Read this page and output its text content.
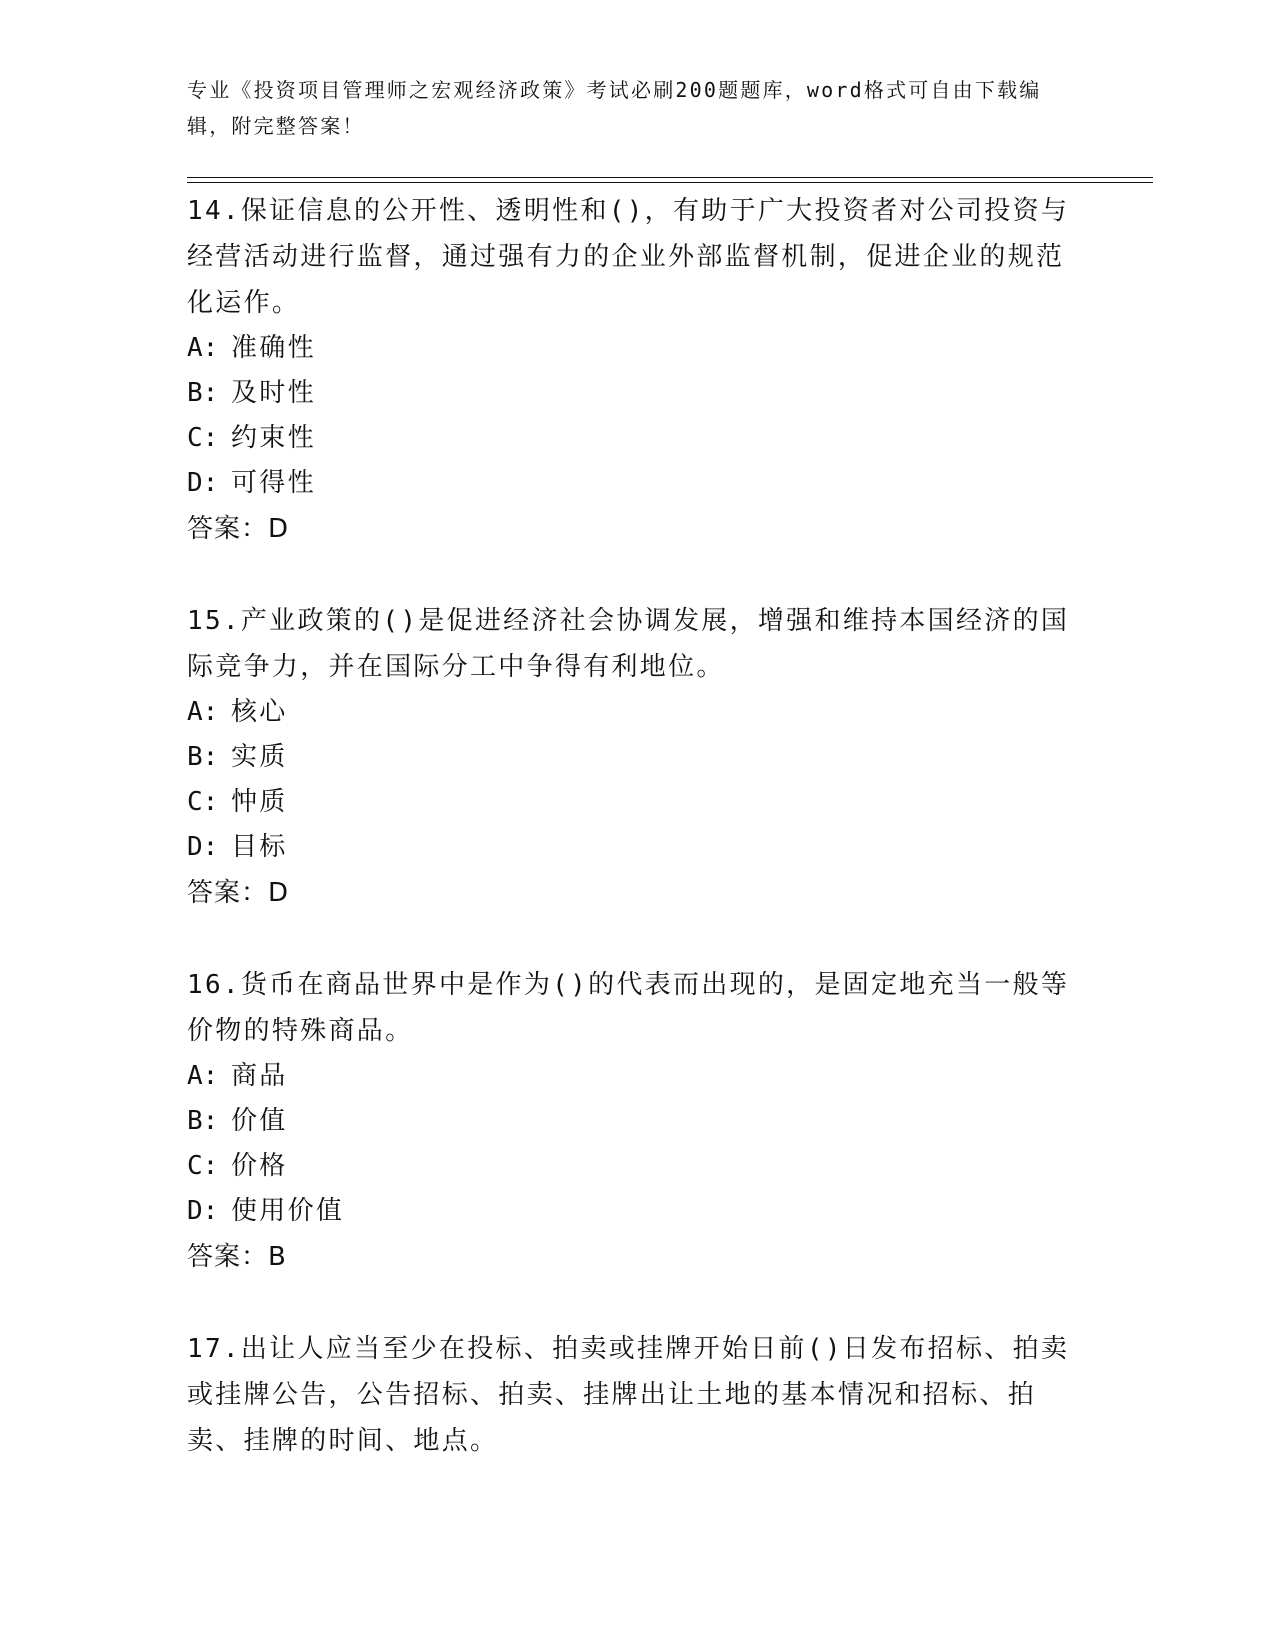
专业《投资项目管理师之宏观经济政策》考试必刷200题题库，word格式可自由下载编辑，附完整答案！
14.保证信息的公开性、透明性和()，有助于广大投资者对公司投资与经营活动进行监督，通过强有力的企业外部监督机制，促进企业的规范化运作。
A: 准确性
B: 及时性
C: 约束性
D: 可得性
答案：D
15.产业政策的()是促进经济社会协调发展，增强和维持本国经济的国际竞争力，并在国际分工中争得有利地位。
A: 核心
B: 实质
C: 忡质
D: 目标
答案：D
16.货币在商品世界中是作为()的代表而出现的，是固定地充当一般等价物的特殊商品。
A: 商品
B: 价值
C: 价格
D: 使用价值
答案：B
17.出让人应当至少在投标、拍卖或挂牌开始日前()日发布招标、拍卖或挂牌公告，公告招标、拍卖、挂牌出让土地的基本情况和招标、拍卖、挂牌的时间、地点。
